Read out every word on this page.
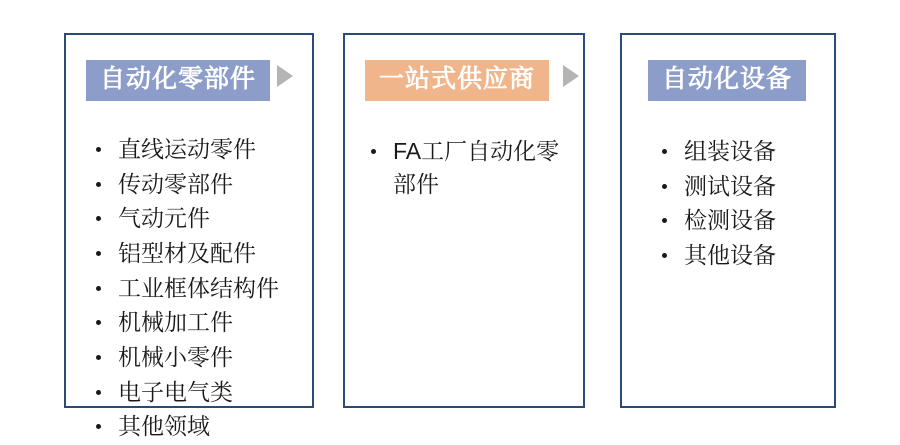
自动化零部件
直线运动零件
传动零部件
气动元件
铝型材及配件
工业框体结构件
机械加工件
机械小零件
电子电气类
其他领域
一站式供应商
FA工厂自动化零部件
自动化设备
组装设备
测试设备
检测设备
其他设备
